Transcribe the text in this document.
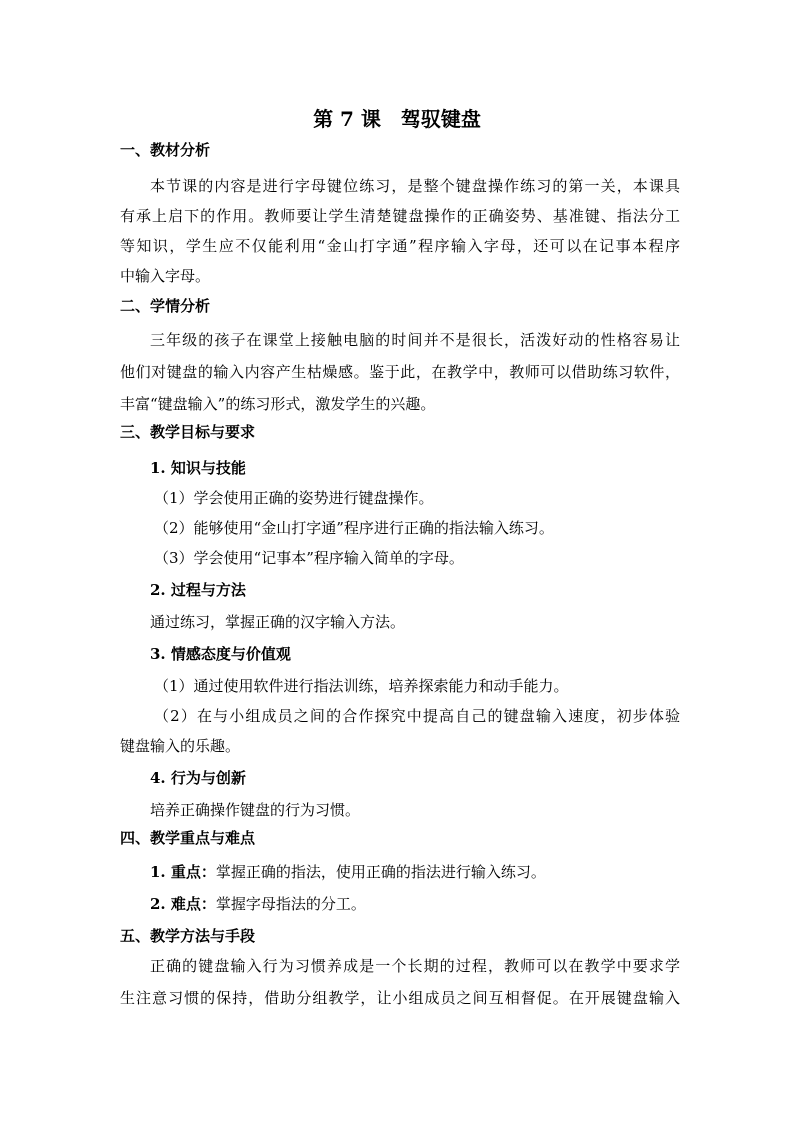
第 7 课　驾驭键盘
一、教材分析
本节课的内容是进行字母键位练习，是整个键盘操作练习的第一关，本课具
有承上启下的作用。教师要让学生清楚键盘操作的正确姿势、基准键、指法分工
等知识，学生应不仅能利用“金山打字通”程序输入字母，还可以在记事本程序
中输入字母。
二、学情分析
三年级的孩子在课堂上接触电脑的时间并不是很长，活泼好动的性格容易让
他们对键盘的输入内容产生枯燥感。鉴于此，在教学中，教师可以借助练习软件，
丰富“键盘输入”的练习形式，激发学生的兴趣。
三、教学目标与要求
1. 知识与技能
（1）学会使用正确的姿势进行键盘操作。
（2）能够使用“金山打字通”程序进行正确的指法输入练习。
（3）学会使用“记事本”程序输入简单的字母。
2. 过程与方法
通过练习，掌握正确的汉字输入方法。
3. 情感态度与价值观
（1）通过使用软件进行指法训练，培养探索能力和动手能力。
（2）在与小组成员之间的合作探究中提高自己的键盘输入速度，初步体验
键盘输入的乐趣。
4. 行为与创新
培养正确操作键盘的行为习惯。
四、教学重点与难点
1. 重点：掌握正确的指法，使用正确的指法进行输入练习。
2. 难点：掌握字母指法的分工。
五、教学方法与手段
正确的键盘输入行为习惯养成是一个长期的过程，教师可以在教学中要求学
生注意习惯的保持，借助分组教学，让小组成员之间互相督促。在开展键盘输入
